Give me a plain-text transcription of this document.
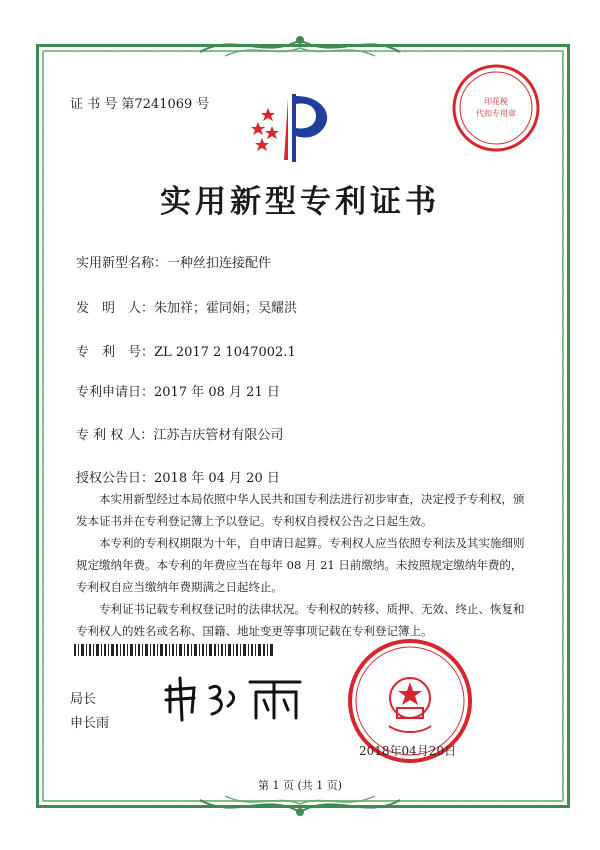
证 书 号 第7241069 号	印花税
代扣专用章
实用新型专利证书
实用新型名称：一种丝扣连接配件
发　明　人：朱加祥；霍同娟；吴耀洪
专　利　号：ZL 2017 2 1047002.1
专利申请日：2017 年 08 月 21 日
专 利 权 人：江苏吉庆管材有限公司
授权公告日：2018 年 04 月 20 日

本实用新型经过本局依照中华人民共和国专利法进行初步审查，决定授予专利权，颁发本证书并在专利登记簿上予以登记。专利权自授权公告之日起生效。

本专利的专利权期限为十年，自申请日起算。专利权人应当依照专利法及其实施细则规定缴纳年费。本专利的年费应当在每年 08 月 21 日前缴纳。未按照规定缴纳年费的，专利权自应当缴纳年费期满之日起终止。

专利证书记载专利权登记时的法律状况。专利权的转移、质押、无效、终止、恢复和专利权人的姓名或名称、国籍、地址变更等事项记载在专利登记簿上。

局长
申长雨
2018年04月20日
第 1 页 (共 1 页)
